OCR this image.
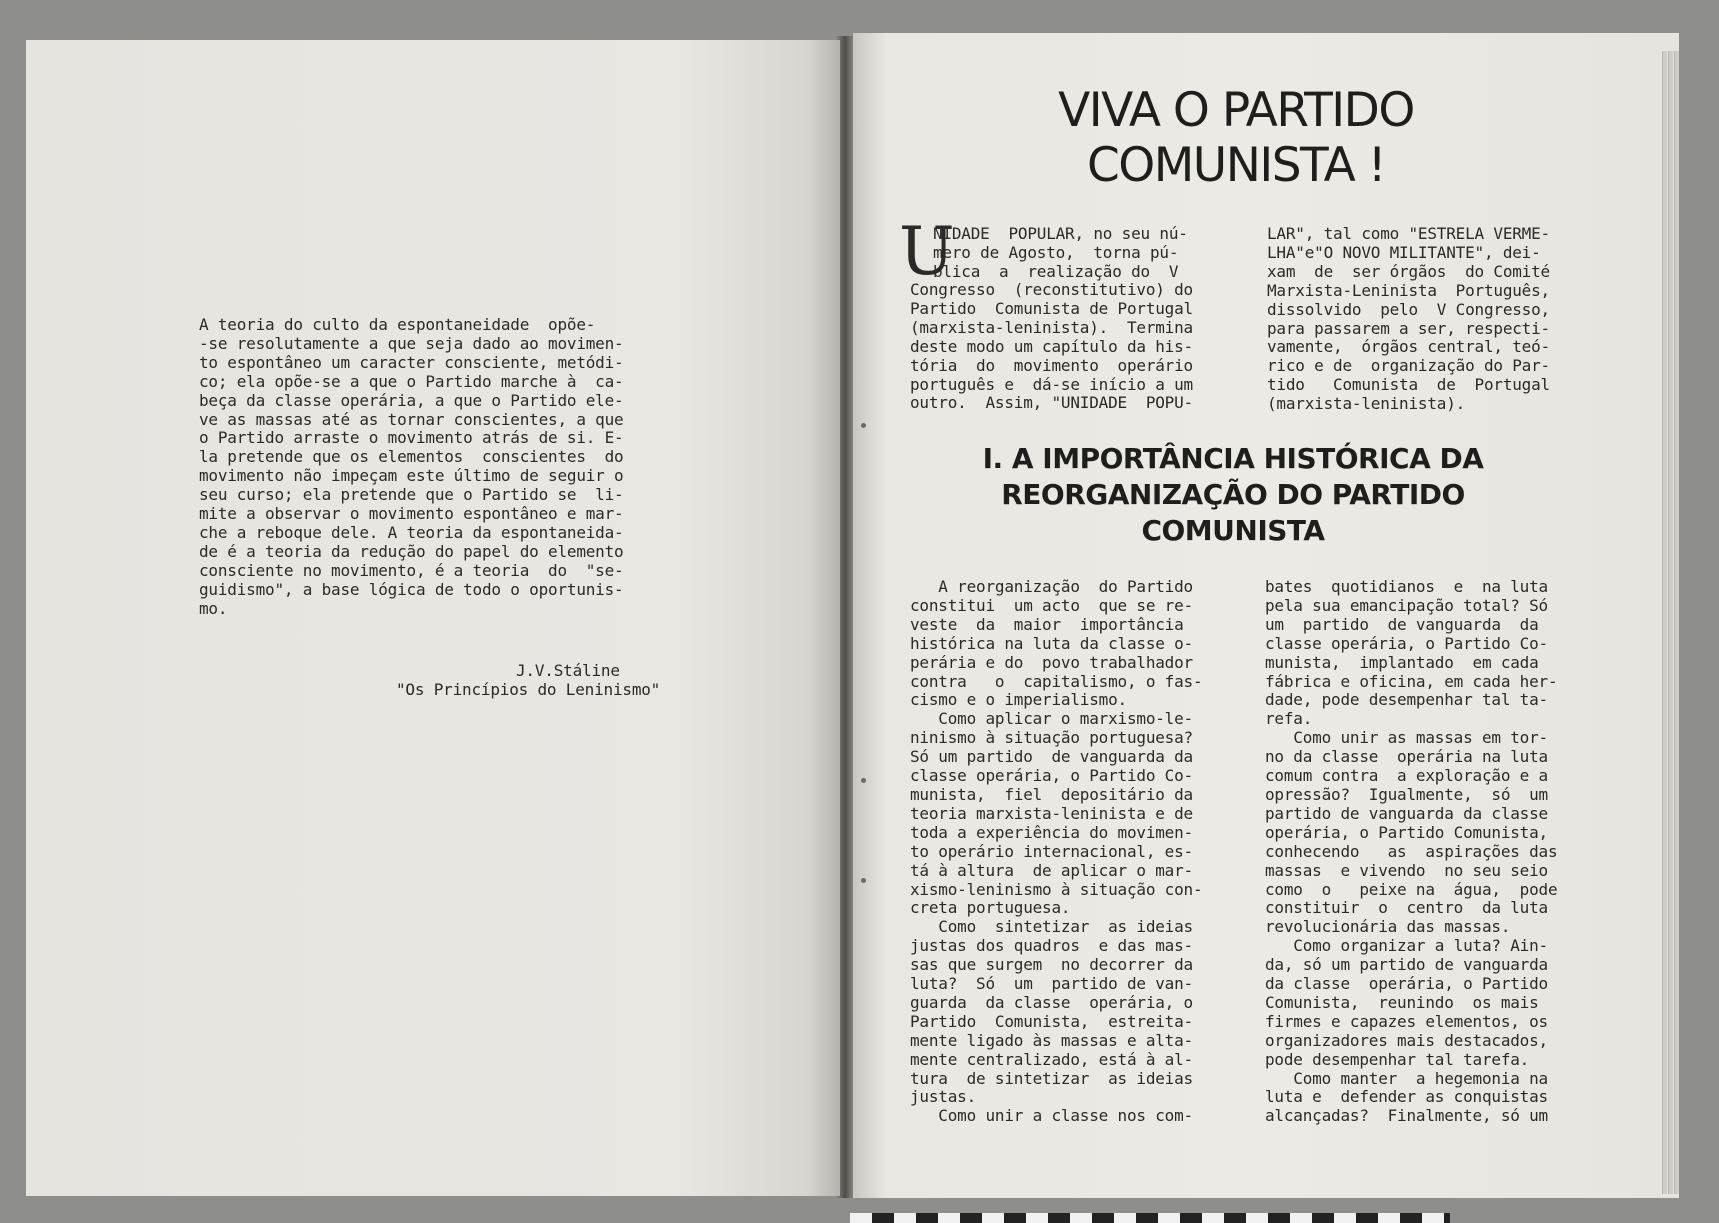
A teoria do culto da espontaneidade  opõe-
-se resolutamente a que seja dado ao movimen-
to espontâneo um caracter consciente, metódi-
co; ela opõe-se a que o Partido marche à  ca-
beça da classe operária, a que o Partido ele-
ve as massas até as tornar conscientes, a que
o Partido arraste o movimento atrás de si. E-
la pretende que os elementos  conscientes  do
movimento não impeçam este último de seguir o
seu curso; ela pretende que o Partido se  li-
mite a observar o movimento espontâneo e mar-
che a reboque dele. A teoria da espontaneida-
de é a teoria da redução do papel do elemento
consciente no movimento, é a teoria  do  "se-
guidismo", a base lógica de todo o oportunis-
mo.
J.V.Stáline
"Os Princípios do Leninismo"
VIVA O PARTIDO
COMUNISTA !
U
NIDADE  POPULAR, no seu nú-
mero de Agosto,  torna pú-
blica  a  realização do  V
Congresso  (reconstitutivo) do
Partido  Comunista de Portugal
(marxista-leninista).  Termina
deste modo um capítulo da his-
tória  do  movimento  operário
português e  dá-se início a um
outro.  Assim, "UNIDADE  POPU-
LAR", tal como "ESTRELA VERME-
LHA"e"O NOVO MILITANTE", dei-
xam  de  ser órgãos  do Comité
Marxista-Leninista  Português,
dissolvido  pelo  V Congresso,
para passarem a ser, respecti-
vamente,  órgãos central, teó-
rico e de  organização do Par-
tido   Comunista  de  Portugal
(marxista-leninista).
I. A IMPORTÂNCIA HISTÓRICA DA
REORGANIZAÇÃO DO PARTIDO
COMUNISTA
A reorganização  do Partido
constitui  um acto  que se re-
veste  da  maior  importância
histórica na luta da classe o-
perária e do  povo trabalhador
contra   o  capitalismo, o fas-
cismo e o imperialismo.
Como aplicar o marxismo-le-
ninismo à situação portuguesa?
Só um partido  de vanguarda da
classe operária, o Partido Co-
munista,  fiel  depositário da
teoria marxista-leninista e de
toda a experiência do movimen-
to operário internacional, es-
tá à altura  de aplicar o mar-
xismo-leninismo à situação con-
creta portuguesa.
Como  sintetizar  as ideias
justas dos quadros  e das mas-
sas que surgem  no decorrer da
luta?  Só  um  partido de van-
guarda  da classe  operária, o
Partido  Comunista,  estreita-
mente ligado às massas e alta-
mente centralizado, está à al-
tura  de sintetizar  as ideias
justas.
Como unir a classe nos com-
bates  quotidianos  e  na luta
pela sua emancipação total? Só
um  partido  de vanguarda  da
classe operária, o Partido Co-
munista,  implantado  em cada
fábrica e oficina, em cada her-
dade, pode desempenhar tal ta-
refa.
Como unir as massas em tor-
no da classe  operária na luta
comum contra  a exploração e a
opressão?  Igualmente,  só  um
partido de vanguarda da classe
operária, o Partido Comunista,
conhecendo   as  aspirações das
massas  e vivendo  no seu seio
como  o   peixe na  água,  pode
constituir  o  centro  da luta
revolucionária das massas.
Como organizar a luta? Ain-
da, só um partido de vanguarda
da classe  operária, o Partido
Comunista,  reunindo  os mais
firmes e capazes elementos, os
organizadores mais destacados,
pode desempenhar tal tarefa.
Como manter  a hegemonia na
luta e  defender as conquistas
alcançadas?  Finalmente, só um
